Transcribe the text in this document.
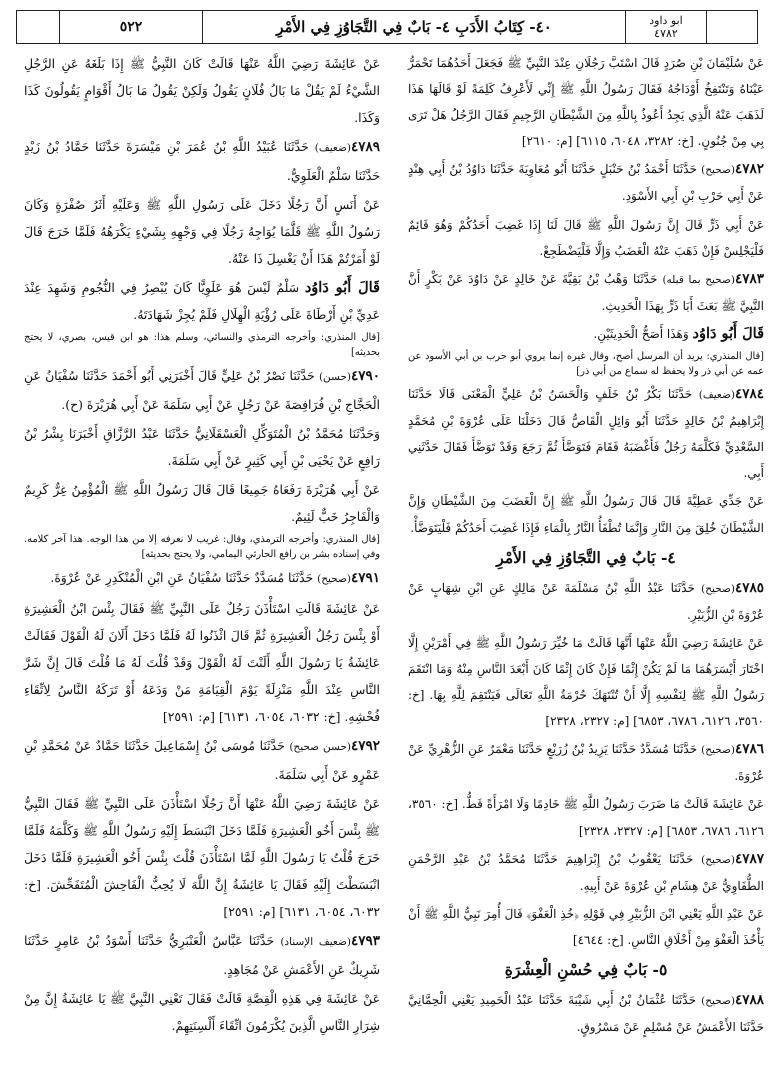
٥٢٢	٤٠- كِتَابُ الأَدَبِ ٤- بَابٌ فِي التَّجَاوُزِ فِي الأَمْرِ	ابو داود
٤٧٨٢

عَنْ سُلَيْمَانَ بْنِ صُرَدٍ قَالَ اسْتَبَّ رَجُلَانِ عِنْدَ النَّبِيِّ ﷺ فَجَعَلَ أَحَدُهُمَا تَحْمَرُّ عَيْنَاهُ وَتَنْتَفِخُ أَوْدَاجُهُ فَقَالَ رَسُولُ اللَّهِ ﷺ إِنِّي لَأَعْرِفُ كَلِمَةً لَوْ قَالَهَا هَذَا لَذَهَبَ عَنْهُ الَّذِي يَجِدُ أَعُوذُ بِاللَّهِ مِنَ الشَّيْطَانِ الرَّجِيمِ فَقَالَ الرَّجُلُ هَلْ تَرَى بِي مِنْ جُنُونٍ. [خ: ٣٢٨٢، ٦٠٤٨، ٦١١٥] [م: ٢٦١٠]

٤٧٨٢(صحيح) حَدَّثَنَا أَحْمَدُ بْنُ حَنْبَلٍ حَدَّثَنَا أَبُو مُعَاوِيَةَ حَدَّثَنَا دَاوُدُ بْنُ أَبِي هِنْدٍ عَنْ أَبِي حَرْبِ بْنِ أَبِي الأَسْوَدِ.

عَنْ أَبِي ذَرٍّ قَالَ إِنَّ رَسُولَ اللَّهِ ﷺ قَالَ لَنَا إِذَا غَضِبَ أَحَدُكُمْ وَهُوَ قَائِمٌ فَلْيَجْلِسْ فَإِنْ ذَهَبَ عَنْهُ الْغَضَبُ وَإِلَّا فَلْيَضْطَجِعْ.

٤٧٨٣(صحيح بما قبله) حَدَّثَنَا وَهْبُ بْنُ بَقِيَّةَ عَنْ خَالِدٍ عَنْ دَاوُدَ عَنْ بَكْرٍ أَنَّ النَّبِيَّ ﷺ بَعَثَ أَبَا ذَرٍّ بِهَذَا الْحَدِيثِ.

قَالَ أَبُو دَاوُد وَهَذَا أَصَحُّ الْحَدِيثَيْنِ.

[قال المنذري: يريد أن المرسل أصح، وقال غيره إنما يروي أبو حرب بن أبي الأسود عن عمه عن أبي ذر ولا يحفظ له سماع من أبي ذر]

٤٧٨٤(ضعيف) حَدَّثَنَا بَكْرُ بْنُ خَلَفٍ وَالْحَسَنُ بْنُ عَلِيٍّ الْمَعْنَى قَالَا حَدَّثَنَا إِبْرَاهِيمُ بْنُ خَالِدٍ حَدَّثَنَا أَبُو وَائِلٍ الْقَاصُّ قَالَ دَخَلْنَا عَلَى عُرْوَةَ بْنِ مُحَمَّدٍ السَّعْدِيِّ فَكَلَّمَهُ رَجُلٌ فَأَغْضَبَهُ فَقَامَ فَتَوَضَّأَ ثُمَّ رَجَعَ وَقَدْ تَوَضَّأَ فَقَالَ حَدَّثَنِي أَبِي.

عَنْ جَدِّي عَطِيَّةَ قَالَ قَالَ رَسُولُ اللَّهِ ﷺ إِنَّ الْغَضَبَ مِنَ الشَّيْطَانِ وَإِنَّ الشَّيْطَانَ خُلِقَ مِنَ النَّارِ وَإِنَّمَا تُطْفَأُ النَّارُ بِالْمَاءِ فَإِذَا غَضِبَ أَحَدُكُمْ فَلْيَتَوَضَّأْ.

٤- بَابٌ فِي التَّجَاوُزِ فِي الأَمْرِ

٤٧٨٥(صحيح) حَدَّثَنَا عَبْدُ اللَّهِ بْنُ مَسْلَمَةَ عَنْ مَالِكٍ عَنِ ابْنِ شِهَابٍ عَنْ عُرْوَةَ بْنِ الزُّبَيْرِ.

عَنْ عَائِشَةَ رَضِيَ اللَّهُ عَنْهَا أَنَّهَا قَالَتْ مَا خُيِّرَ رَسُولُ اللَّهِ ﷺ فِي أَمْرَيْنِ إِلَّا اخْتَارَ أَيْسَرَهُمَا مَا لَمْ يَكُنْ إِثْمًا فَإِنْ كَانَ إِثْمًا كَانَ أَبْعَدَ النَّاسِ مِنْهُ وَمَا انْتَقَمَ رَسُولُ اللَّهِ ﷺ لِنَفْسِهِ إِلَّا أَنْ تُنْتَهَكَ حُرْمَةُ اللَّهِ تَعَالَى فَيَنْتَقِمَ لِلَّهِ بِهَا. [خ: ٣٥٦٠، ٦١٢٦، ٦٧٨٦، ٦٨٥٣] [م: ٢٣٢٧، ٢٣٢٨]

٤٧٨٦(صحيح) حَدَّثَنَا مُسَدَّدٌ حَدَّثَنَا يَزِيدُ بْنُ زُرَيْعٍ حَدَّثَنَا مَعْمَرٌ عَنِ الزُّهْرِيِّ عَنْ عُرْوَةَ.

عَنْ عَائِشَةَ قَالَتْ مَا ضَرَبَ رَسُولُ اللَّهِ ﷺ خَادِمًا وَلَا امْرَأَةً قَطُّ. [خ: ٣٥٦٠، ٦١٢٦، ٦٧٨٦، ٦٨٥٣] [م: ٢٣٢٧، ٢٣٢٨]

٤٧٨٧(صحيح) حَدَّثَنَا يَعْقُوبُ بْنُ إِبْرَاهِيمَ حَدَّثَنَا مُحَمَّدُ بْنُ عَبْدِ الرَّحْمَنِ الطُّفَاوِيُّ عَنْ هِشَامِ بْنِ عُرْوَةَ عَنْ أَبِيهِ.

عَنْ عَبْدِ اللَّهِ يَعْنِي ابْنَ الزُّبَيْرِ فِي قَوْلِهِ ﴿خُذِ الْعَفْوَ﴾ قَالَ أُمِرَ نَبِيُّ اللَّهِ ﷺ أَنْ يَأْخُذَ الْعَفْوَ مِنْ أَخْلَاقِ النَّاسِ. [خ: ٤٦٤٤]

٥- بَابٌ فِي حُسْنِ الْعِشْرَةِ

٤٧٨٨(صحيح) حَدَّثَنَا عُثْمَانُ بْنُ أَبِي شَيْبَةَ حَدَّثَنَا عَبْدُ الْحَمِيدِ يَعْنِي الْحِمَّانِيَّ حَدَّثَنَا الأَعْمَشُ عَنْ مُسْلِمٍ عَنْ مَسْرُوقٍ.

عَنْ عَائِشَةَ رَضِيَ اللَّهُ عَنْهَا قَالَتْ كَانَ النَّبِيُّ ﷺ إِذَا بَلَغَهُ عَنِ الرَّجُلِ الشَّيْءُ لَمْ يَقُلْ مَا بَالُ فُلَانٍ يَقُولُ وَلَكِنْ يَقُولُ مَا بَالُ أَقْوَامٍ يَقُولُونَ كَذَا وَكَذَا.

٤٧٨٩(ضعيف) حَدَّثَنَا عُبَيْدُ اللَّهِ بْنُ عُمَرَ بْنِ مَيْسَرَةَ حَدَّثَنَا حَمَّادُ بْنُ زَيْدٍ حَدَّثَنَا سَلْمٌ الْعَلَوِيُّ.

عَنْ أَنَسٍ أَنَّ رَجُلًا دَخَلَ عَلَى رَسُولِ اللَّهِ ﷺ وَعَلَيْهِ أَثَرُ صُفْرَةٍ وَكَانَ رَسُولُ اللَّهِ ﷺ قَلَّمَا يُوَاجِهُ رَجُلًا فِي وَجْهِهِ بِشَيْءٍ يَكْرَهُهُ فَلَمَّا خَرَجَ قَالَ لَوْ أَمَرْتُمْ هَذَا أَنْ يَغْسِلَ ذَا عَنْهُ.

قَالَ أَبُو دَاوُد سَلْمٌ لَيْسَ هُوَ عَلَوِيًّا كَانَ يُبْصِرُ فِي النُّجُومِ وَشَهِدَ عِنْدَ عَدِيِّ بْنِ أَرْطَاةَ عَلَى رُؤْيَةِ الْهِلَالِ فَلَمْ يُجِزْ شَهَادَتَهُ.

[قال المنذري: وأخرجه الترمذي والنسائي، وسلم هذا: هو ابن قيس، بصري، لا يحتج بحديثه]

٤٧٩٠(حسن) حَدَّثَنَا نَصْرُ بْنُ عَلِيٍّ قَالَ أَخْبَرَنِي أَبُو أَحْمَدَ حَدَّثَنَا سُفْيَانُ عَنِ الْحَجَّاجِ بْنِ فُرَافِصَةَ عَنْ رَجُلٍ عَنْ أَبِي سَلَمَةَ عَنْ أَبِي هُرَيْرَةَ (ح).

وَحَدَّثَنَا مُحَمَّدُ بْنُ الْمُتَوَكِّلِ الْعَسْقَلَانِيُّ حَدَّثَنَا عَبْدُ الرَّزَّاقِ أَخْبَرَنَا بِشْرُ بْنُ رَافِعٍ عَنْ يَحْيَى بْنِ أَبِي كَثِيرٍ عَنْ أَبِي سَلَمَةَ.

عَنْ أَبِي هُرَيْرَةَ رَفَعَاهُ جَمِيعًا قَالَ قَالَ رَسُولُ اللَّهِ ﷺ الْمُؤْمِنُ غِرٌّ كَرِيمٌ وَالْفَاجِرُ خَبٌّ لَئِيمٌ.

[قال المنذري: وأخرجه الترمذي، وقال: غريب لا نعرفه إلا من هذا الوجه. هذا آخر كلامه. وفي إسناده بشر بن رافع الحارثي اليمامي، ولا يحتج بحديثه]

٤٧٩١(صحيح) حَدَّثَنَا مُسَدَّدٌ حَدَّثَنَا سُفْيَانُ عَنِ ابْنِ الْمُنْكَدِرِ عَنْ عُرْوَةَ.

عَنْ عَائِشَةَ قَالَتِ اسْتَأْذَنَ رَجُلٌ عَلَى النَّبِيِّ ﷺ فَقَالَ بِئْسَ ابْنُ الْعَشِيرَةِ أَوْ بِئْسَ رَجُلُ الْعَشِيرَةِ ثُمَّ قَالَ ائْذَنُوا لَهُ فَلَمَّا دَخَلَ أَلَانَ لَهُ الْقَوْلَ فَقَالَتْ عَائِشَةُ يَا رَسُولَ اللَّهِ أَلَنْتَ لَهُ الْقَوْلَ وَقَدْ قُلْتَ لَهُ مَا قُلْتَ قَالَ إِنَّ شَرَّ النَّاسِ عِنْدَ اللَّهِ مَنْزِلَةً يَوْمَ الْقِيَامَةِ مَنْ وَدَعَهُ أَوْ تَرَكَهُ النَّاسُ لِاتِّقَاءِ فُحْشِهِ. [خ: ٦٠٣٢، ٦٠٥٤، ٦١٣١] [م: ٢٥٩١]

٤٧٩٢(حسن صحيح) حَدَّثَنَا مُوسَى بْنُ إِسْمَاعِيلَ حَدَّثَنَا حَمَّادٌ عَنْ مُحَمَّدِ بْنِ عَمْرٍو عَنْ أَبِي سَلَمَةَ.

عَنْ عَائِشَةَ رَضِيَ اللَّهُ عَنْهَا أَنَّ رَجُلًا اسْتَأْذَنَ عَلَى النَّبِيِّ ﷺ فَقَالَ النَّبِيُّ ﷺ بِئْسَ أَخُو الْعَشِيرَةِ فَلَمَّا دَخَلَ انْبَسَطَ إِلَيْهِ رَسُولُ اللَّهِ ﷺ وَكَلَّمَهُ فَلَمَّا خَرَجَ قُلْتُ يَا رَسُولَ اللَّهِ لَمَّا اسْتَأْذَنَ قُلْتَ بِئْسَ أَخُو الْعَشِيرَةِ فَلَمَّا دَخَلَ انْبَسَطْتَ إِلَيْهِ فَقَالَ يَا عَائِشَةُ إِنَّ اللَّهَ لَا يُحِبُّ الْفَاحِشَ الْمُتَفَحِّشَ. [خ: ٦٠٣٢، ٦٠٥٤، ٦١٣١] [م: ٢٥٩١]

٤٧٩٣(ضعيف الإسناد) حَدَّثَنَا عَبَّاسٌ الْعَنْبَرِيُّ حَدَّثَنَا أَسْوَدُ بْنُ عَامِرٍ حَدَّثَنَا شَرِيكٌ عَنِ الأَعْمَشِ عَنْ مُجَاهِدٍ.

عَنْ عَائِشَةَ فِي هَذِهِ الْقِصَّةِ قَالَتْ فَقَالَ تَعْنِي النَّبِيَّ ﷺ يَا عَائِشَةُ إِنَّ مِنْ شِرَارِ النَّاسِ الَّذِينَ يُكْرَمُونَ اتِّقَاءَ أَلْسِنَتِهِمْ.
